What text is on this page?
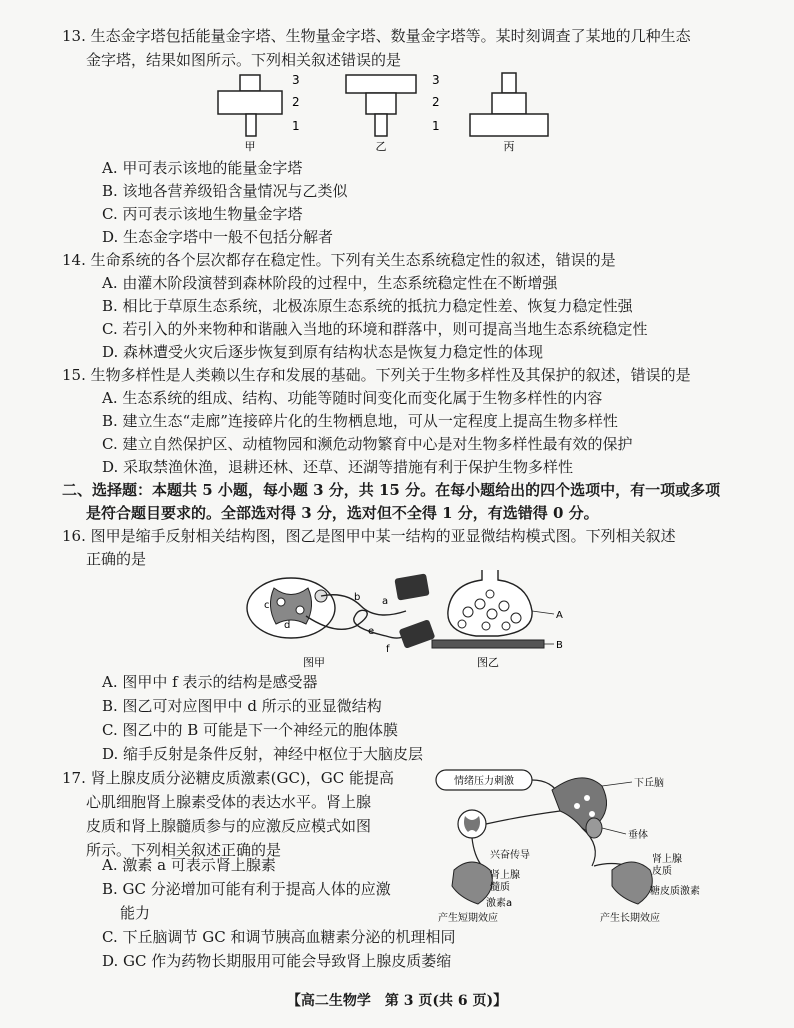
13. 生态金字塔包括能量金字塔、生物量金字塔、数量金字塔等。某时刻调查了某地的几种生态
金字塔，结果如图所示。下列相关叙述错误的是
3
2
1
甲
3
2
1
乙	丙
A. 甲可表示该地的能量金字塔
B. 该地各营养级铅含量情况与乙类似
C. 丙可表示该地生物量金字塔
D. 生态金字塔中一般不包括分解者
14. 生命系统的各个层次都存在稳定性。下列有关生态系统稳定性的叙述，错误的是
A. 由灌木阶段演替到森林阶段的过程中，生态系统稳定性在不断增强
B. 相比于草原生态系统，北极冻原生态系统的抵抗力稳定性差、恢复力稳定性强
C. 若引入的外来物种和谐融入当地的环境和群落中，则可提高当地生态系统稳定性
D. 森林遭受火灾后逐步恢复到原有结构状态是恢复力稳定性的体现
15. 生物多样性是人类赖以生存和发展的基础。下列关于生物多样性及其保护的叙述，错误的是
A. 生态系统的组成、结构、功能等随时间变化而变化属于生物多样性的内容
B. 建立生态“走廊”连接碎片化的生物栖息地，可从一定程度上提高生物多样性
C. 建立自然保护区、动植物园和濒危动物繁育中心是对生物多样性最有效的保护
D. 采取禁渔休渔，退耕还林、还草、还湖等措施有利于保护生物多样性
二、选择题：本题共 5 小题，每小题 3 分，共 15 分。在每小题给出的四个选项中，有一项或多项
是符合题目要求的。全部选对得 3 分，选对但不全得 1 分，有选错得 0 分。
16. 图甲是缩手反射相关结构图，图乙是图甲中某一结构的亚显微结构模式图。下列相关叙述
正确的是
a
b
c
d
e
f
图甲
A
B
图乙
A. 图甲中 f 表示的结构是感受器
B. 图乙可对应图甲中 d 所示的亚显微结构
C. 图乙中的 B 可能是下一个神经元的胞体膜
D. 缩手反射是条件反射，神经中枢位于大脑皮层
17. 肾上腺皮质分泌糖皮质激素(GC)，GC 能提高
心肌细胞肾上腺素受体的表达水平。肾上腺
皮质和肾上腺髓质参与的应激反应模式如图
所示。下列相关叙述正确的是
A. 激素 a 可表示肾上腺素
B. GC 分泌增加可能有利于提高人体的应激
能力
C. 下丘脑调节 GC 和调节胰高血糖素分泌的机理相同
D. GC 作为药物长期服用可能会导致肾上腺皮质萎缩
情绪压力刺激	下丘脑
垂体
兴奋传导
肾上腺
髓质
激素a
产生短期效应
肾上腺
皮质
糖皮质激素
产生长期效应
【高二生物学　第 3 页(共 6 页)】
